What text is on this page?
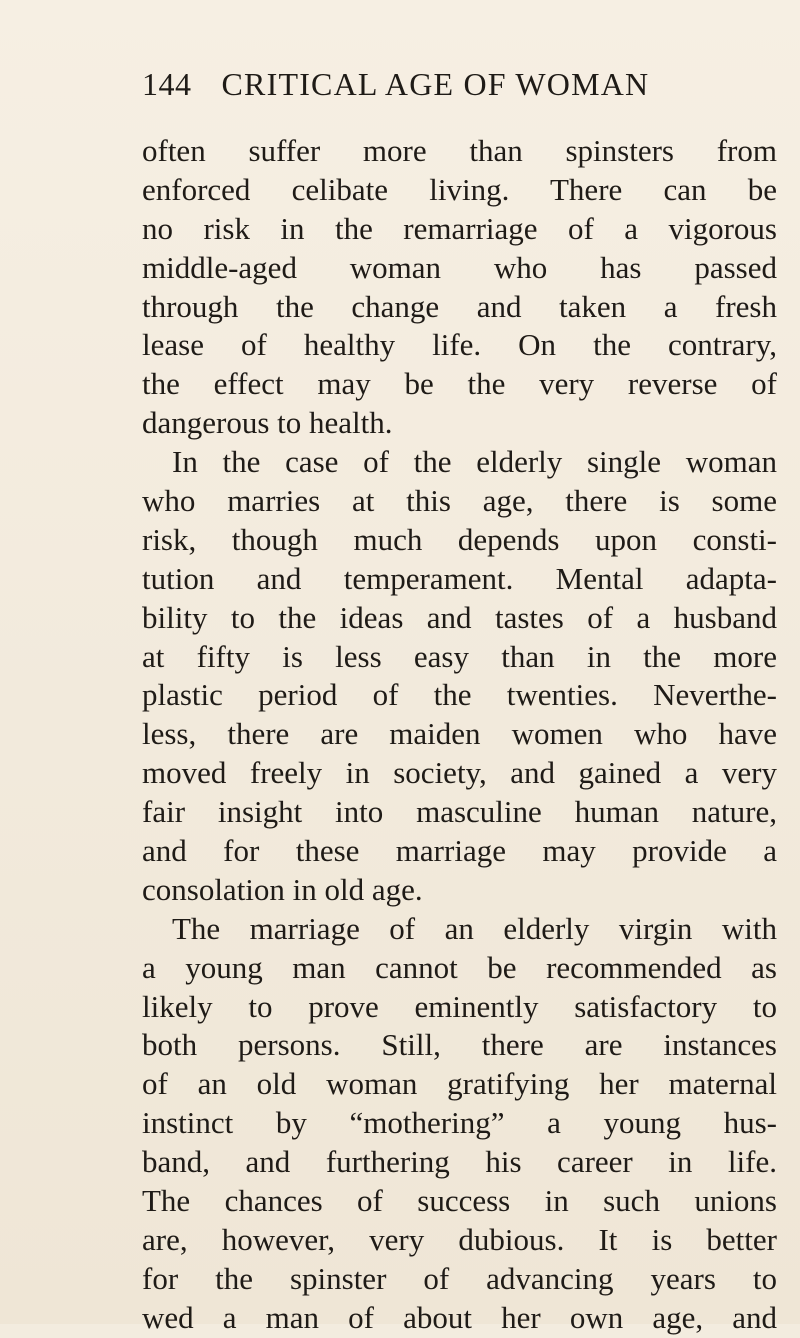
144 CRITICAL AGE OF WOMAN
often suffer more than spinsters from
enforced celibate living. There can be
no risk in the remarriage of a vigorous
middle-aged woman who has passed
through the change and taken a fresh
lease of healthy life. On the contrary,
the effect may be the very reverse of
dangerous to health.
In the case of the elderly single woman
who marries at this age, there is some
risk, though much depends upon consti-
tution and temperament. Mental adapta-
bility to the ideas and tastes of a husband
at fifty is less easy than in the more
plastic period of the twenties. Neverthe-
less, there are maiden women who have
moved freely in society, and gained a very
fair insight into masculine human nature,
and for these marriage may provide a
consolation in old age.
The marriage of an elderly virgin with
a young man cannot be recommended as
likely to prove eminently satisfactory to
both persons. Still, there are instances
of an old woman gratifying her maternal
instinct by “mothering” a young hus-
band, and furthering his career in life.
The chances of success in such unions
are, however, very dubious. It is better
for the spinster of advancing years to
wed a man of about her own age, and
